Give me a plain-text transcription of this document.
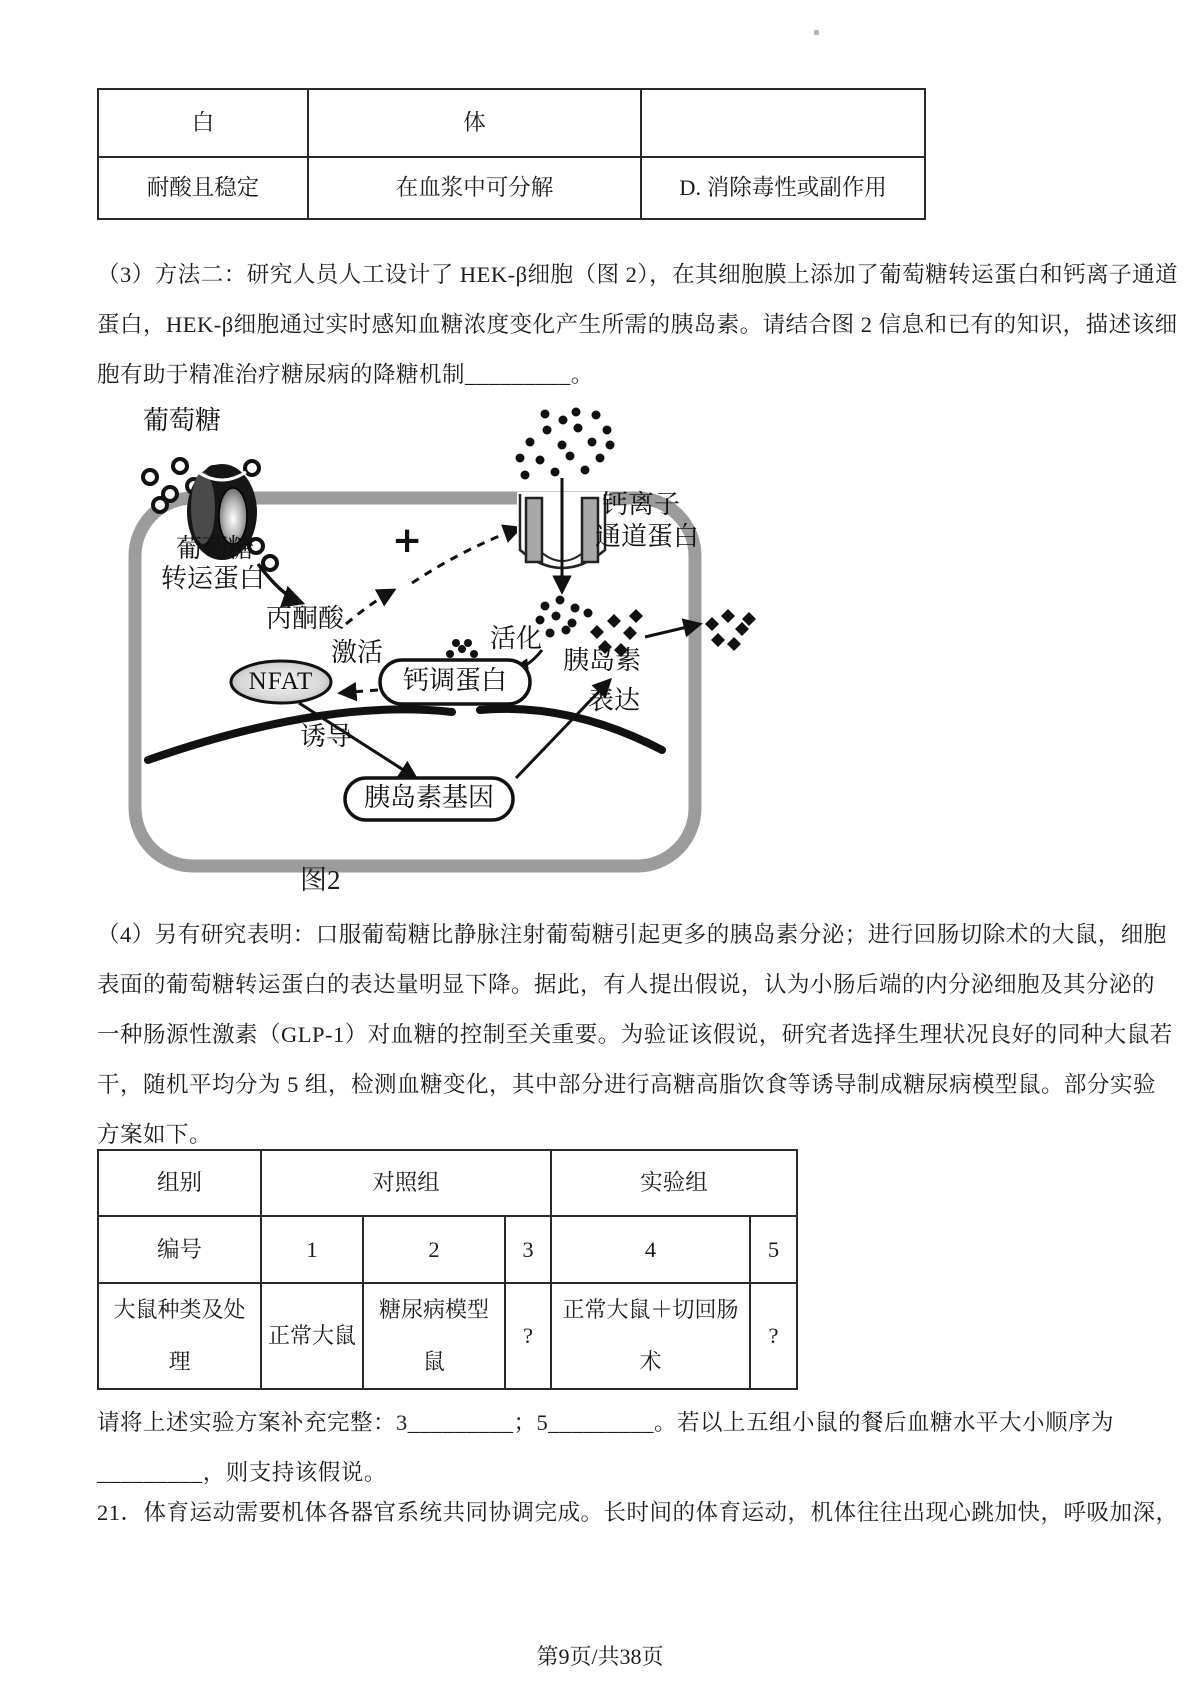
白	体	
耐酸且稳定	在血浆中可分解	D. 消除毒性或副作用
（3）方法二：研究人员人工设计了 HEK-β细胞（图 2），在其细胞膜上添加了葡萄糖转运蛋白和钙离子通道
蛋白，HEK-β细胞通过实时感知血糖浓度变化产生所需的胰岛素。请结合图 2 信息和已有的知识，描述该细
胞有助于精准治疗糖尿病的降糖机制_________。
葡萄糖
葡萄糖
转运蛋白
丙酮酸
+
钙离子
通道蛋白
活化
钙调蛋白
激活
NFAT
诱导
胰岛素基因
胰岛素
表达
图2
（4）另有研究表明：口服葡萄糖比静脉注射葡萄糖引起更多的胰岛素分泌；进行回肠切除术的大鼠，细胞
表面的葡萄糖转运蛋白的表达量明显下降。据此，有人提出假说，认为小肠后端的内分泌细胞及其分泌的
一种肠源性激素（GLP-1）对血糖的控制至关重要。为验证该假说，研究者选择生理状况良好的同种大鼠若
干，随机平均分为 5 组，检测血糖变化，其中部分进行高糖高脂饮食等诱导制成糖尿病模型鼠。部分实验
方案如下。
组别	对照组			实验组	
编号	1	2	3	4	5
大鼠种类及处理	正常大鼠	糖尿病模型鼠	?	正常大鼠＋切回肠术	?
请将上述实验方案补充完整：3_________；5_________。若以上五组小鼠的餐后血糖水平大小顺序为
_________，则支持该假说。
21．体育运动需要机体各器官系统共同协调完成。长时间的体育运动，机体往往出现心跳加快，呼吸加深，
第9页/共38页
